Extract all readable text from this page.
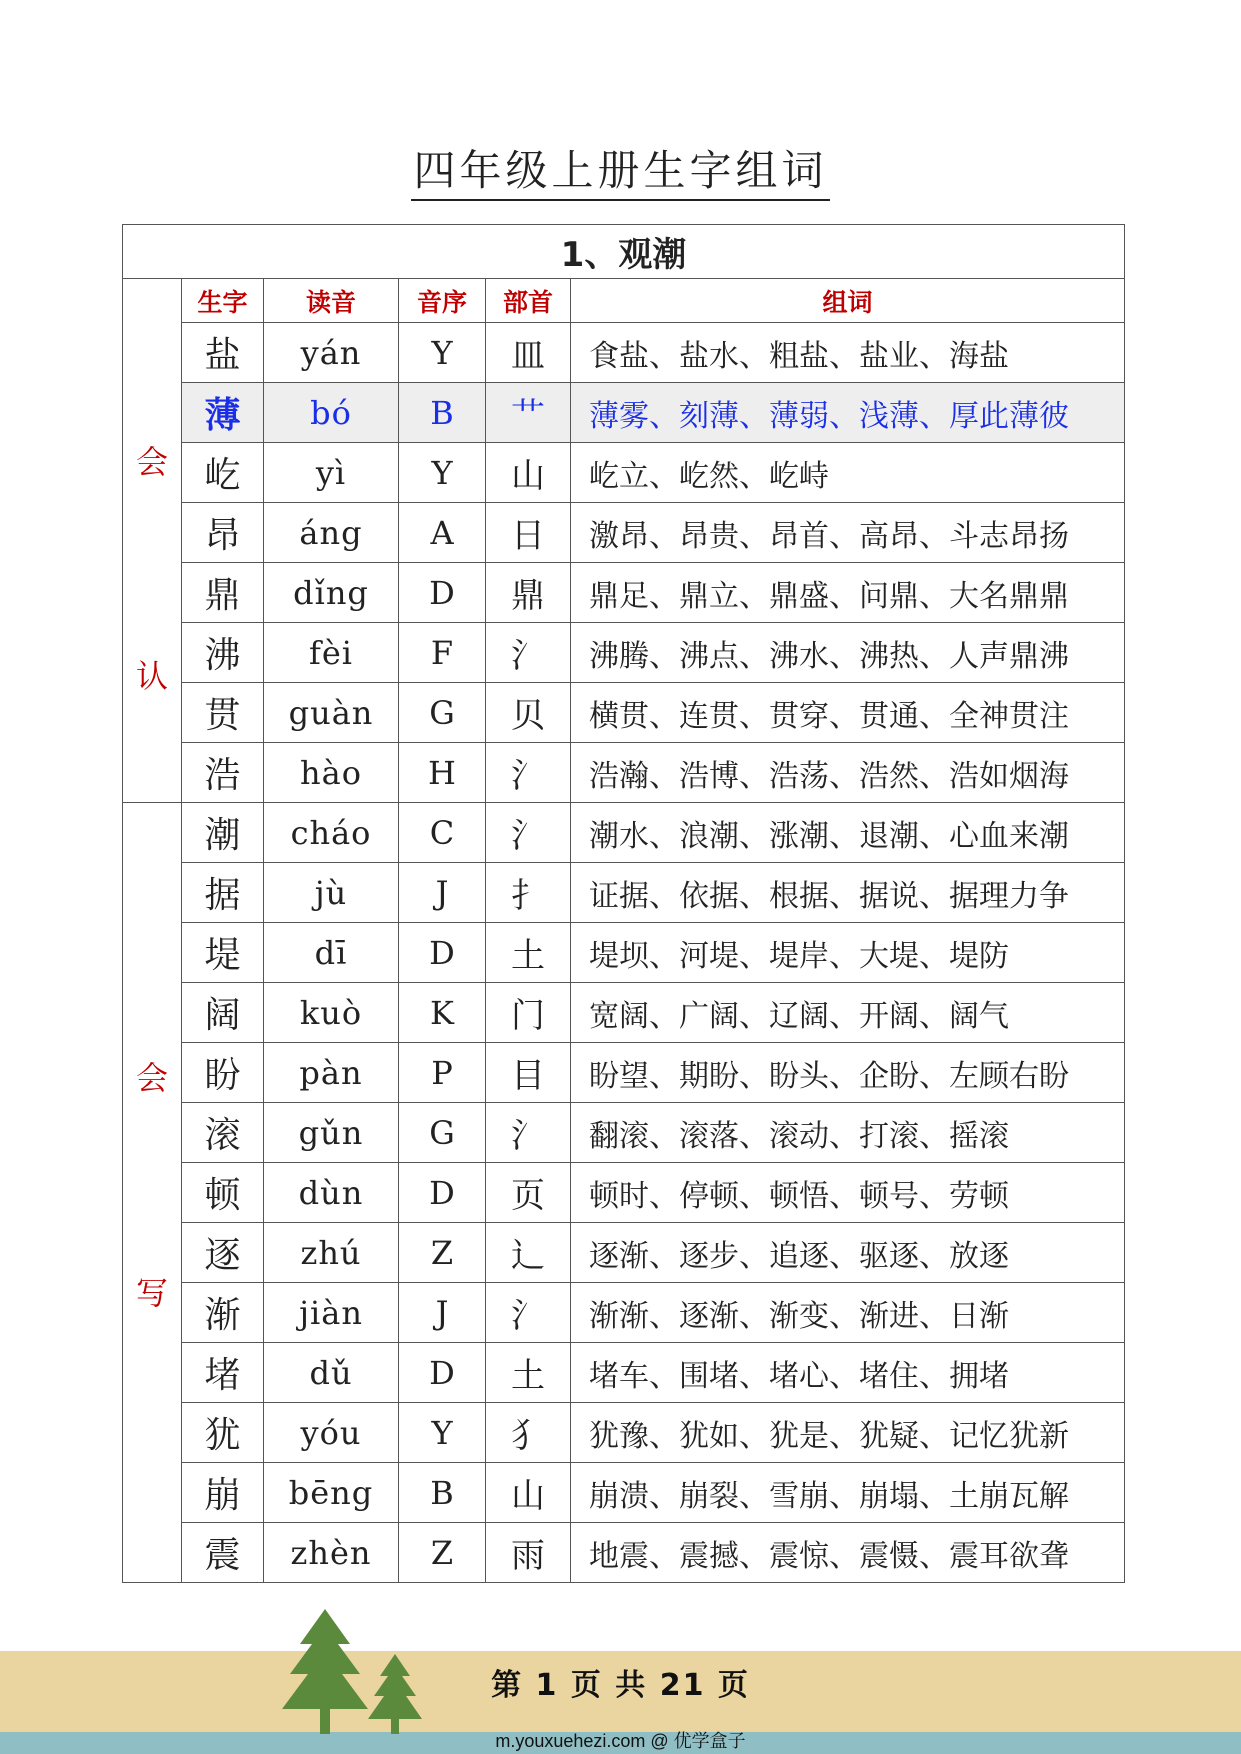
四年级上册生字组词
1、观潮					

会
认	生字	读音	音序	部首	组词
	盐	yán	Y	皿	食盐、盐水、粗盐、盐业、海盐
	薄	bó	B	艹	薄雾、刻薄、薄弱、浅薄、厚此薄彼
	屹	yì	Y	山	屹立、屹然、屹峙
	昂	áng	A	日	激昂、昂贵、昂首、高昂、斗志昂扬
	鼎	dǐng	D	鼎	鼎足、鼎立、鼎盛、问鼎、大名鼎鼎
	沸	fèi	F	氵	沸腾、沸点、沸水、沸热、人声鼎沸
	贯	guàn	G	贝	横贯、连贯、贯穿、贯通、全神贯注
	浩	hào	H	氵	浩瀚、浩博、浩荡、浩然、浩如烟海

会
写	潮	cháo	C	氵	潮水、浪潮、涨潮、退潮、心血来潮
	据	jù	J	扌	证据、依据、根据、据说、据理力争
	堤	dī	D	土	堤坝、河堤、堤岸、大堤、堤防
	阔	kuò	K	门	宽阔、广阔、辽阔、开阔、阔气
	盼	pàn	P	目	盼望、期盼、盼头、企盼、左顾右盼
	滚	gǔn	G	氵	翻滚、滚落、滚动、打滚、摇滚
	顿	dùn	D	页	顿时、停顿、顿悟、顿号、劳顿
	逐	zhú	Z	辶	逐渐、逐步、追逐、驱逐、放逐
	渐	jiàn	J	氵	渐渐、逐渐、渐变、渐进、日渐
	堵	dǔ	D	土	堵车、围堵、堵心、堵住、拥堵
	犹	yóu	Y	犭	犹豫、犹如、犹是、犹疑、记忆犹新
	崩	bēng	B	山	崩溃、崩裂、雪崩、崩塌、土崩瓦解
	震	zhèn	Z	雨	地震、震撼、震惊、震慑、震耳欲聋
第 1 页 共 21 页
m.youxuehezi.com @ 优学盒子
